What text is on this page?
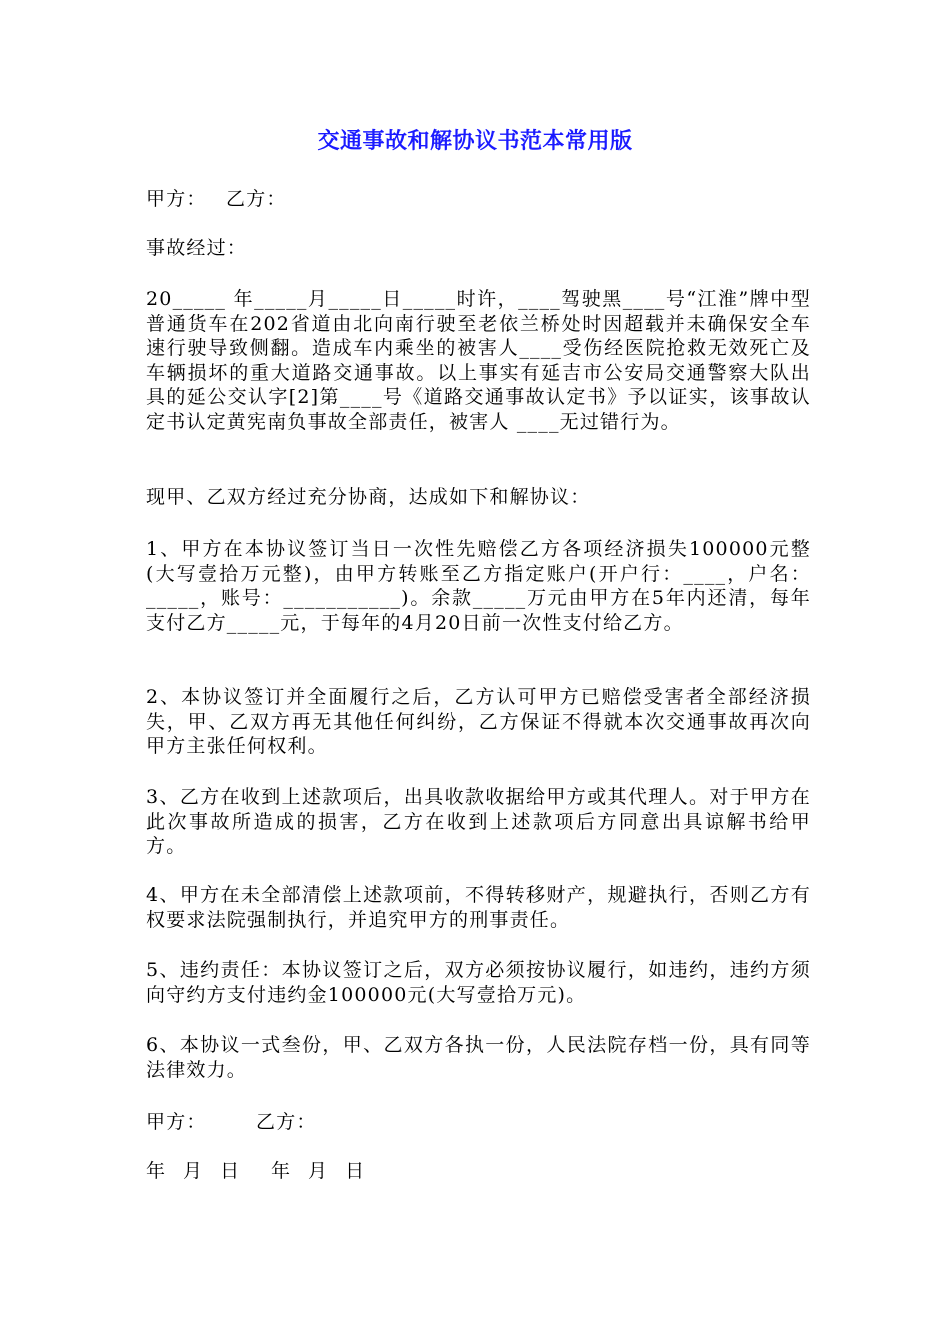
交通事故和解协议书范本常用版

甲方： 乙方：

事故经过：

20_____ 年_____月_____日_____时许，____驾驶黑____号“江淮”牌中型普通货车在202省道由北向南行驶至老依兰桥处时因超载并未确保安全车速行驶导致侧翻。造成车内乘坐的被害人____受伤经医院抢救无效死亡及车辆损坏的重大道路交通事故。以上事实有延吉市公安局交通警察大队出具的延公交认字[2]第____号《道路交通事故认定书》予以证实，该事故认定书认定黄宪南负事故全部责任，被害人 ____无过错行为。

现甲、乙双方经过充分协商，达成如下和解协议：

1、甲方在本协议签订当日一次性先赔偿乙方各项经济损失100000元整(大写壹拾万元整)，由甲方转账至乙方指定账户(开户行：____，户名：_____，账号：___________)。余款_____万元由甲方在5年内还清，每年支付乙方_____元，于每年的4月20日前一次性支付给乙方。

2、本协议签订并全面履行之后，乙方认可甲方已赔偿受害者全部经济损失，甲、乙双方再无其他任何纠纷，乙方保证不得就本次交通事故再次向甲方主张任何权利。

3、乙方在收到上述款项后，出具收款收据给甲方或其代理人。对于甲方在此次事故所造成的损害，乙方在收到上述款项后方同意出具谅解书给甲方。

4、甲方在未全部清偿上述款项前，不得转移财产，规避执行，否则乙方有权要求法院强制执行，并追究甲方的刑事责任。

5、违约责任：本协议签订之后，双方必须按协议履行，如违约，违约方须向守约方支付违约金100000元(大写壹拾万元)。

6、本协议一式叁份，甲、乙双方各执一份，人民法院存档一份，具有同等法律效力。

甲方：	乙方：

年 月 日 年 月 日
